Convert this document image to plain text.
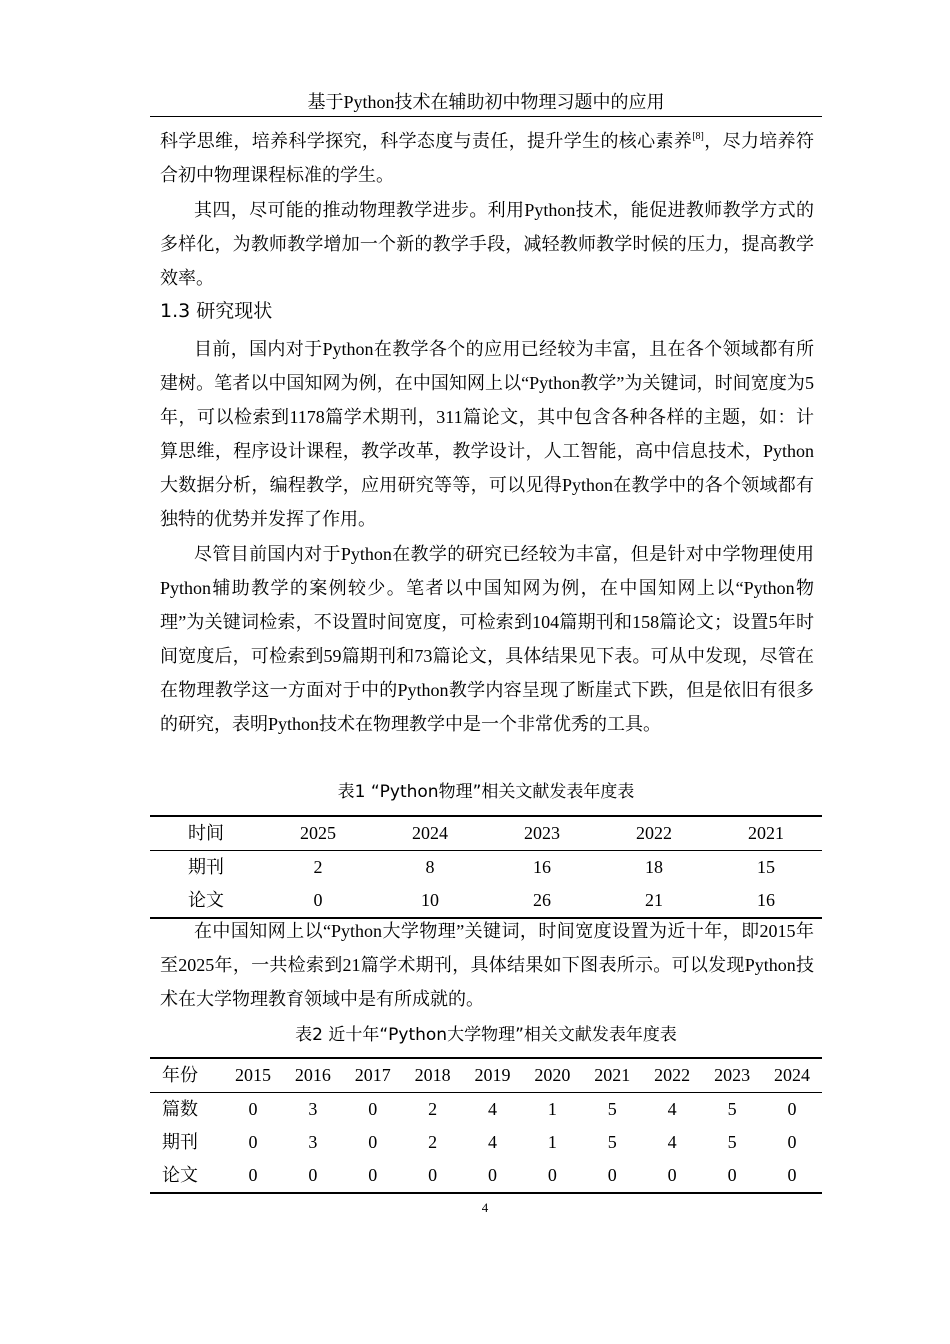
基于Python技术在辅助初中物理习题中的应用

科学思维，培养科学探究，科学态度与责任，提升学生的核心素养[8]，尽力培养符合初中物理课程标准的学生。

其四，尽可能的推动物理教学进步。利用Python技术，能促进教师教学方式的多样化，为教师教学增加一个新的教学手段，减轻教师教学时候的压力，提高教学效率。

1.3 研究现状

目前，国内对于Python在教学各个的应用已经较为丰富，且在各个领域都有所建树。笔者以中国知网为例，在中国知网上以“Python教学”为关键词，时间宽度为5年，可以检索到1178篇学术期刊，311篇论文，其中包含各种各样的主题，如：计算思维，程序设计课程，教学改革，教学设计，人工智能，高中信息技术，Python大数据分析，编程教学，应用研究等等，可以见得Python在教学中的各个领域都有独特的优势并发挥了作用。

尽管目前国内对于Python在教学的研究已经较为丰富，但是针对中学物理使用Python辅助教学的案例较少。笔者以中国知网为例，在中国知网上以“Python物理”为关键词检索，不设置时间宽度，可检索到104篇期刊和158篇论文；设置5年时间宽度后，可检索到59篇期刊和73篇论文，具体结果见下表。可从中发现，尽管在在物理教学这一方面对于中的Python教学内容呈现了断崖式下跌，但是依旧有很多的研究，表明Python技术在物理教学中是一个非常优秀的工具。

表1 “Python物理”相关文献发表年度表
时间	2025	2024	2023	2022	2021
期刊	2	8	16	18	15
论文	0	10	26	21	16

在中国知网上以“Python大学物理”关键词，时间宽度设置为近十年，即2015年至2025年，一共检索到21篇学术期刊，具体结果如下图表所示。可以发现Python技术在大学物理教育领域中是有所成就的。

表2 近十年“Python大学物理”相关文献发表年度表
年份	2015	2016	2017	2018	2019	2020	2021	2022	2023	2024
篇数	0	3	0	2	4	1	5	4	5	0
期刊	0	3	0	2	4	1	5	4	5	0
论文	0	0	0	0	0	0	0	0	0	0
4
